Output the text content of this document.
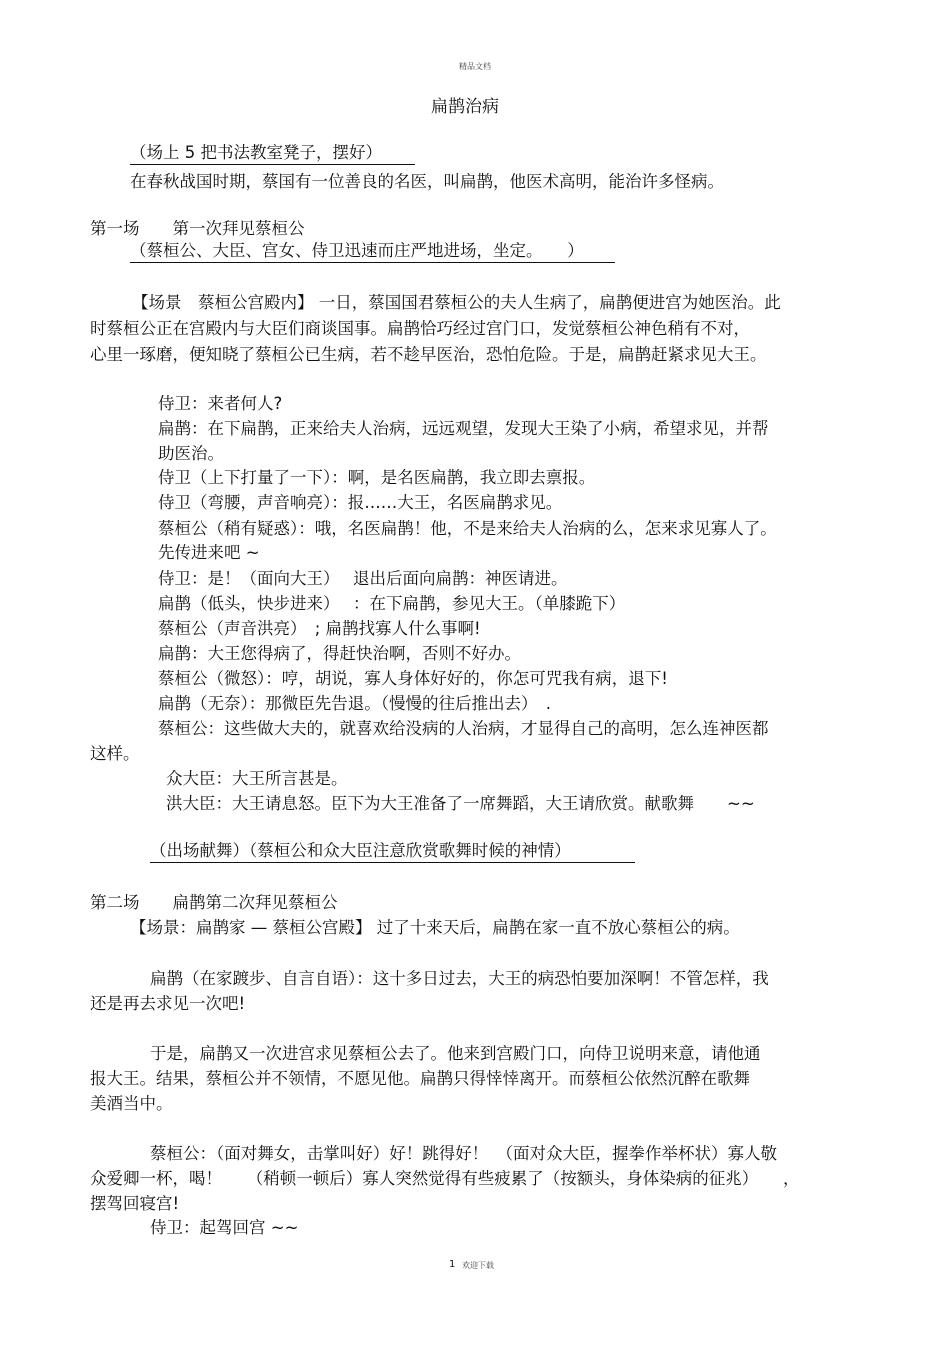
精品文档
扁鹊治病
（场上 5 把书法教室凳子，摆好）
在春秋战国时期，蔡国有一位善良的名医，叫扁鹊，他医术高明，能治许多怪病。
第一场　　第一次拜见蔡桓公
（蔡桓公、大臣、宫女、侍卫迅速而庄严地进场，坐定。　　）
【场景　蔡桓公宫殿内】 一日，蔡国国君蔡桓公的夫人生病了，扁鹊便进宫为她医治。此
时蔡桓公正在宫殿内与大臣们商谈国事。扁鹊恰巧经过宫门口，发觉蔡桓公神色稍有不对，
心里一琢磨，便知晓了蔡桓公已生病，若不趁早医治，恐怕危险。于是，扁鹊赶紧求见大王。
侍卫：来者何人?
扁鹊：在下扁鹊，正来给夫人治病，远远观望，发现大王染了小病，希望求见，并帮
助医治。
侍卫（上下打量了一下）：啊，是名医扁鹊，我立即去禀报。
侍卫（弯腰，声音响亮）：报……大王，名医扁鹊求见。
蔡桓公（稍有疑惑）：哦，名医扁鹊！他，不是来给夫人治病的么，怎来求见寡人了。
先传进来吧 ~
侍卫：是！（面向大王）　 退出后面向扁鹊：神医请进。
扁鹊（低头，快步进来）　 ：在下扁鹊，参见大王。（单膝跪下）
蔡桓公（声音洪亮）　; 扁鹊找寡人什么事啊!
扁鹊：大王您得病了，得赶快治啊，否则不好办。
蔡桓公（微怒）：哼，胡说，寡人身体好好的，你怎可咒我有病，退下!
扁鹊（无奈）：那微臣先告退。（慢慢的往后推出去）　.
蔡桓公：这些做大夫的，就喜欢给没病的人治病，才显得自己的高明，怎么连神医都
这样。
众大臣：大王所言甚是。
洪大臣：大王请息怒。臣下为大王准备了一席舞蹈，大王请欣赏。献歌舞　　~~
（出场献舞）（蔡桓公和众大臣注意欣赏歌舞时候的神情）
第二场　　扁鹊第二次拜见蔡桓公
【场景：扁鹊家 — 蔡桓公宫殿】 过了十来天后，扁鹊在家一直不放心蔡桓公的病。
扁鹊（在家踱步、自言自语）：这十多日过去，大王的病恐怕要加深啊！不管怎样，我
还是再去求见一次吧!
于是，扁鹊又一次进宫求见蔡桓公去了。他来到宫殿门口，向侍卫说明来意，请他通
报大王。结果，蔡桓公并不领情，不愿见他。扁鹊只得悻悻离开。而蔡桓公依然沉醉在歌舞
美酒当中。
蔡桓公：（面对舞女，击掌叫好）好！跳得好！　（面对众大臣，握拳作举杯状）寡人敬
众爱卿一杯，喝！　　（稍顿一顿后）寡人突然觉得有些疲累了（按额头，身体染病的征兆）　　，
摆驾回寝宫!
侍卫：起驾回宫 ~~
1 欢迎下载
